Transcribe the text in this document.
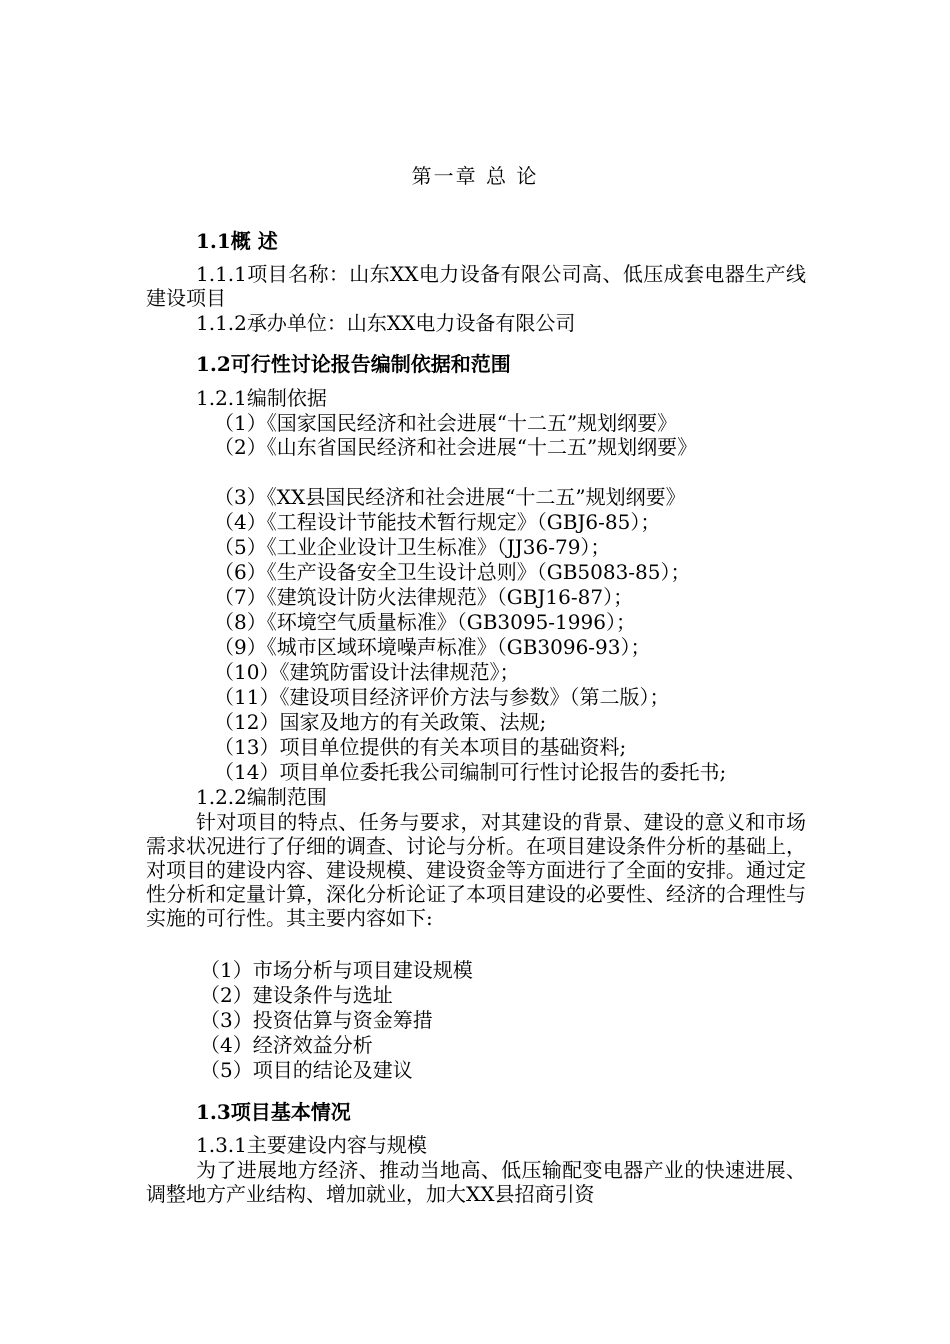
第一章 总 论
1.1概 述
1.1.1项目名称：山东XX电力设备有限公司高、低压成套电器生产线建设项目
1.1.2承办单位：山东XX电力设备有限公司
1.2可行性讨论报告编制依据和范围
1.2.1编制依据
（1）《国家国民经济和社会进展“十二五”规划纲要》
（2）《山东省国民经济和社会进展“十二五”规划纲要》
（3）《XX县国民经济和社会进展“十二五”规划纲要》
（4）《工程设计节能技术暂行规定》（GBJ6-85）；
（5）《工业企业设计卫生标准》（JJ36-79）；
（6）《生产设备安全卫生设计总则》（GB5083-85）；
（7）《建筑设计防火法律规范》（GBJ16-87）；
（8）《环境空气质量标准》（GB3095-1996）；
（9）《城市区域环境噪声标准》（GB3096-93）；
（10）《建筑防雷设计法律规范》；
（11）《建设项目经济评价方法与参数》（第二版）；
（12）国家及地方的有关政策、法规;
（13）项目单位提供的有关本项目的基础资料;
（14）项目单位委托我公司编制可行性讨论报告的委托书;
1.2.2编制范围
针对项目的特点、任务与要求，对其建设的背景、建设的意义和市场需求状况进行了仔细的调查、讨论与分析。在项目建设条件分析的基础上，对项目的建设内容、建设规模、建设资金等方面进行了全面的安排。通过定性分析和定量计算，深化分析论证了本项目建设的必要性、经济的合理性与实施的可行性。其主要内容如下:
（1）市场分析与项目建设规模
（2）建设条件与选址
（3）投资估算与资金筹措
（4）经济效益分析
（5）项目的结论及建议
1.3项目基本情况
1.3.1主要建设内容与规模
为了进展地方经济、推动当地高、低压输配变电器产业的快速进展、调整地方产业结构、增加就业，加大XX县招商引资
